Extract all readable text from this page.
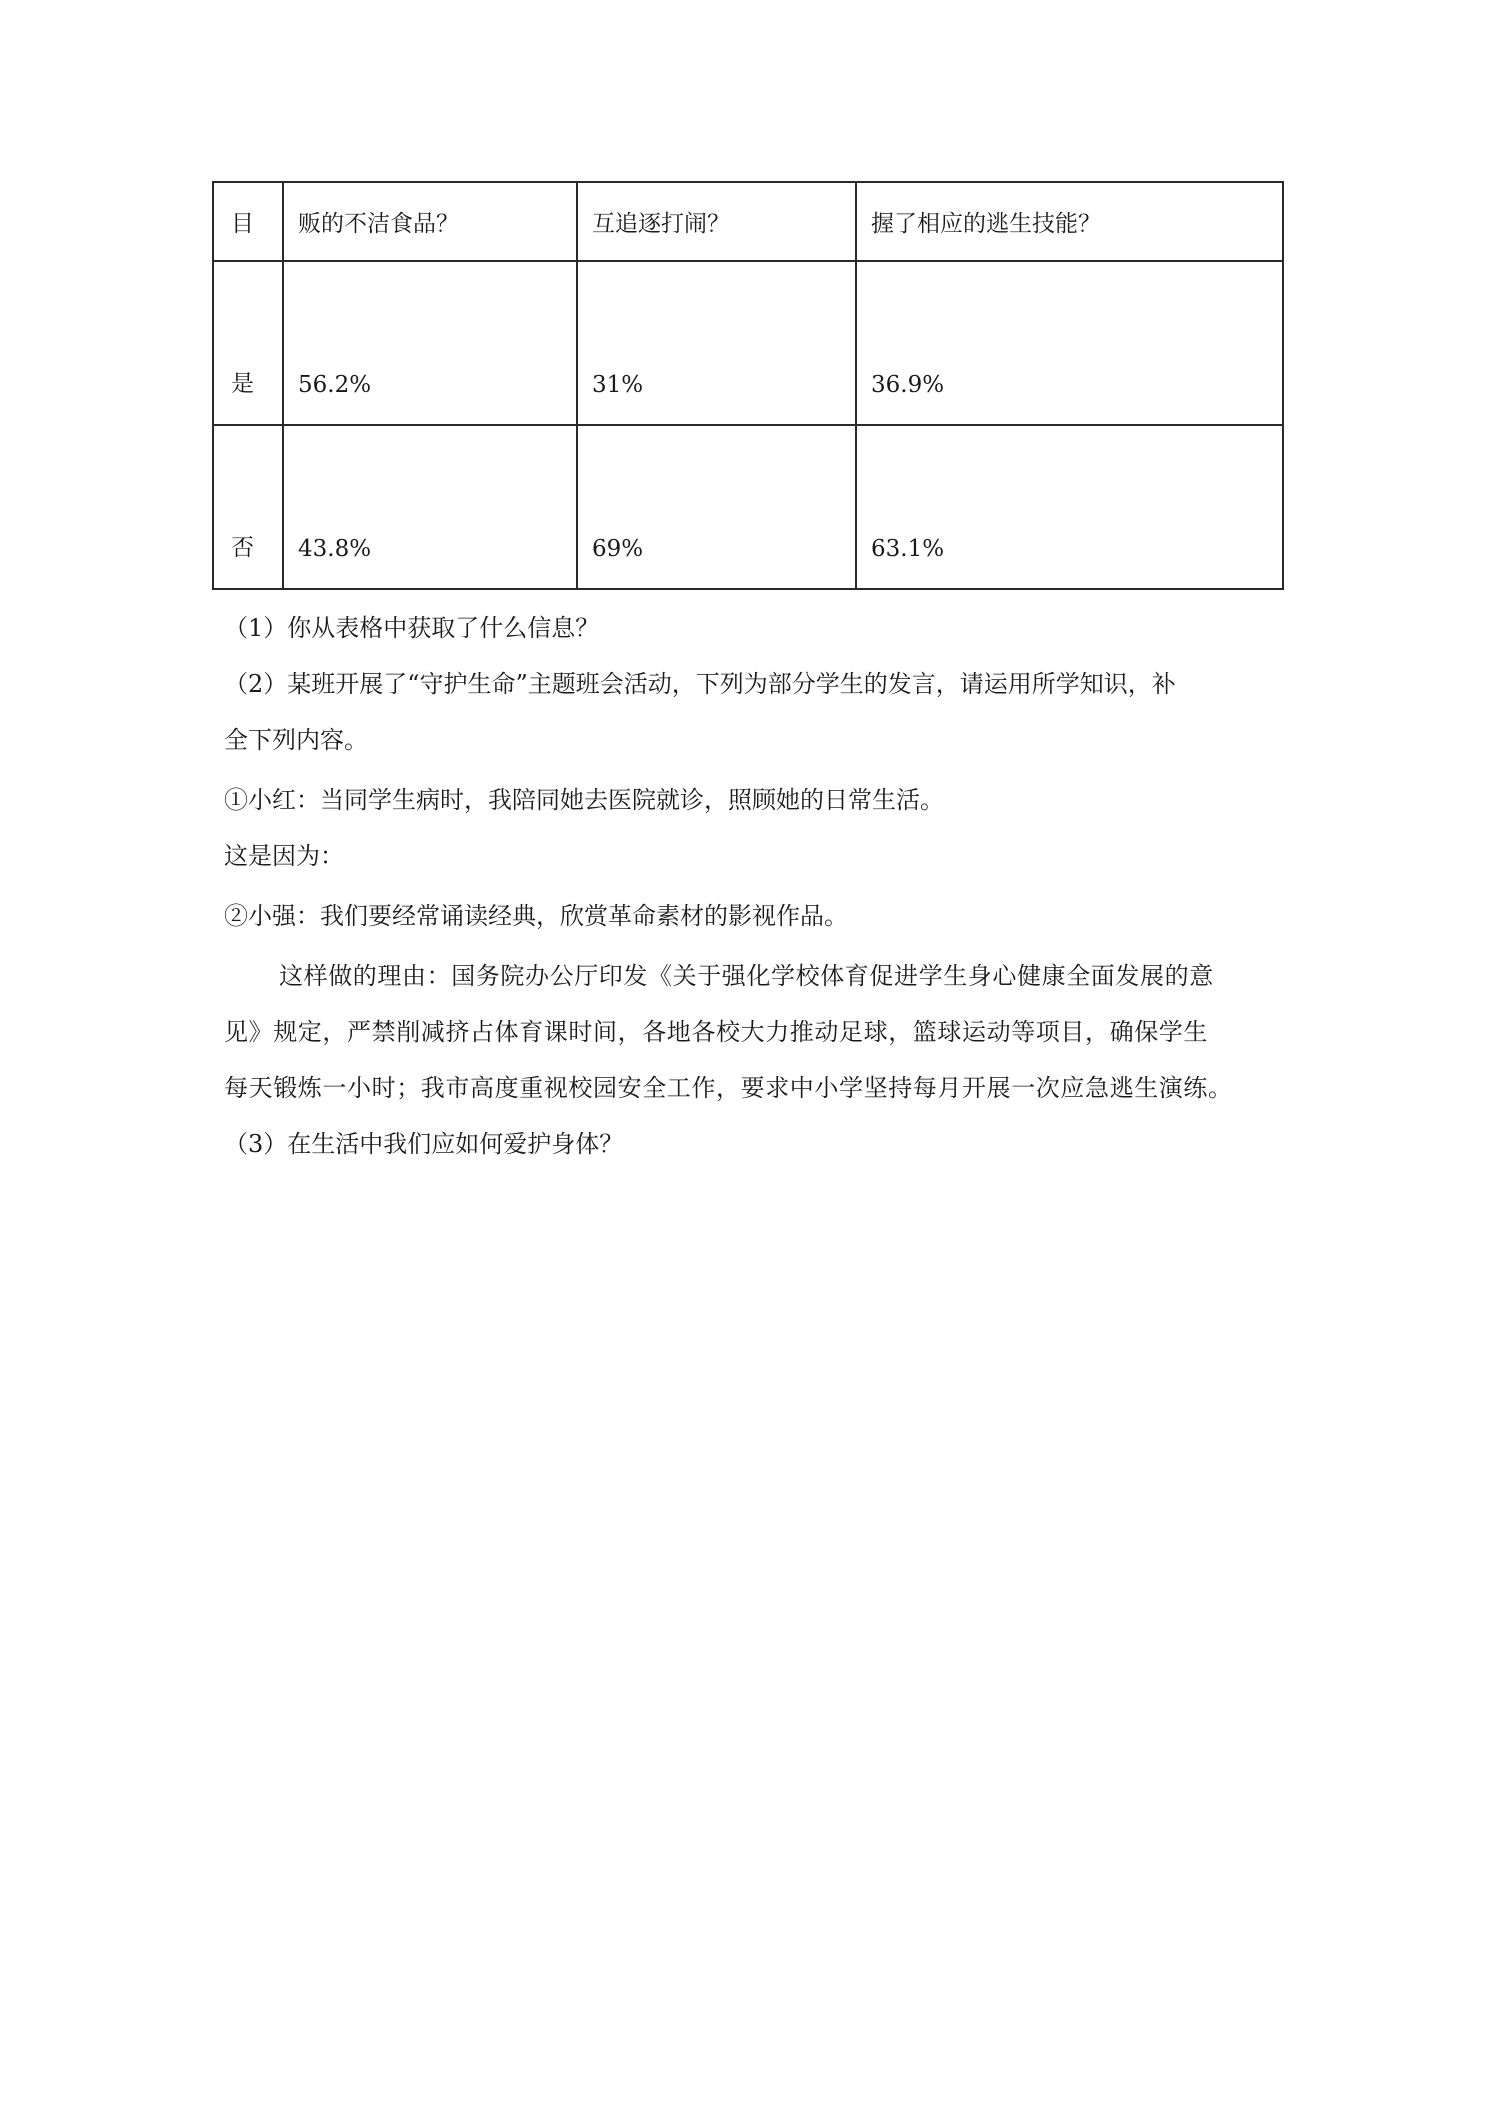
目	贩的不洁食品？	互追逐打闹？	握了相应的逃生技能？
是	56.2%	31%	36.9%
否	43.8%	69%	63.1%
（1）你从表格中获取了什么信息？
（2）某班开展了“守护生命”主题班会活动，下列为部分学生的发言，请运用所学知识，补
全下列内容。
①小红：当同学生病时，我陪同她去医院就诊，照顾她的日常生活。
这是因为：
②小强：我们要经常诵读经典，欣赏革命素材的影视作品。
这样做的理由：国务院办公厅印发《关于强化学校体育促进学生身心健康全面发展的意
见》规定，严禁削减挤占体育课时间，各地各校大力推动足球，篮球运动等项目，确保学生
每天锻炼一小时；我市高度重视校园安全工作，要求中小学坚持每月开展一次应急逃生演练。
（3）在生活中我们应如何爱护身体？
